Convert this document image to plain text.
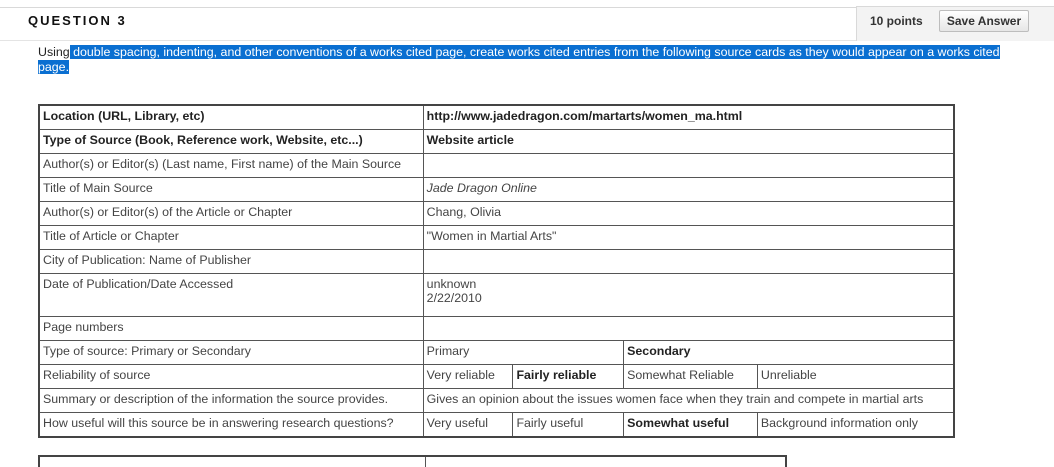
QUESTION 3	10 points	Save Answer
Using double spacing, indenting, and other conventions of a works cited page, create works cited entries from the following source cards as they would appear on a works cited page.
Location (URL, Library, etc)	http://www.jadedragon.com/martarts/women_ma.html			
Type of Source (Book, Reference work, Website, etc...)	Website article			
Author(s) or Editor(s) (Last name, First name) of the Main Source				
Title of Main Source	Jade Dragon Online			
Author(s) or Editor(s) of the Article or Chapter	Chang, Olivia			
Title of Article or Chapter	"Women in Martial Arts"			
City of Publication: Name of Publisher				
Date of Publication/Date Accessed	unknown
2/22/2010			

Page numbers				
Type of source: Primary or Secondary	Primary		Secondary	
Reliability of source	Very reliable	Fairly reliable	Somewhat Reliable	Unreliable
Summary or description of the information the source provides.	Gives an opinion about the issues women face when they train and compete in martial arts			
How useful will this source be in answering research questions?	Very useful	Fairly useful	Somewhat useful	Background information only
